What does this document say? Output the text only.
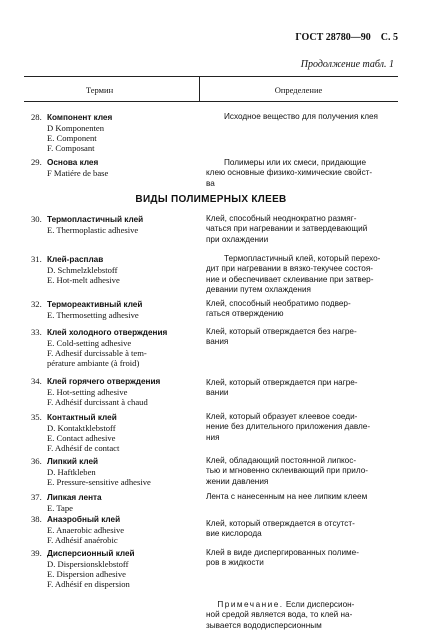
ГОСТ 28780—90 С. 5
Продолжение табл. 1
Термин	Определение
ВИДЫ ПОЛИМЕРНЫХ КЛЕЕВ
28. Компонент клея
D Komponenten
E. Component
F. Composant
Исходное вещество для получения клея
29. Основа клея
F Matiére de base
Полимеры или их смеси, придающие
клею основные физико-химические свойст-
ва
30. Термопластичный клей
E. Thermoplastic adhesive
Клей, способный неоднократно размяг-
чаться при нагревании и затвердевающий
при охлаждении
31. Клей-расплав
D. Schmelzklebstoff
E. Hot-melt adhesive
Термопластичный клей, который перехо-
дит при нагревании в вязко-текучее состоя-
ние и обеспечивает склеивание при затвер-
девании путем охлаждения
32. Термореактивный клей
E. Thermosetting adhesive
Клей, способный необратимо подвер-
гаться отверждению
33. Клей холодного отверждения
E. Cold-setting adhesive
F. Adhesif durcissable à tem-
pérature ambiante (à froid)
Клей, который отверждается без нагре-
вания
34. Клей горячего отверждения
E. Hot-setting adhesive
F. Adhésif durcissant à chaud
Клей, который отверждается при нагре-
вании
35. Контактный клей
D. Kontaktklebstoff
E. Contact adhesive
F. Adhésif de contact
Клей, который образует клеевое соеди-
нение без длительного приложения давле-
ния
36. Липкий клей
D. Haftkleben
E. Pressure-sensitive adhesive
Клей, обладающий постоянной липкос-
тью и мгновенно склеивающий при прило-
жении давления
37. Липкая лента
E. Tape
Лента с нанесенным на нее липким клеем
38. Анаэробный клей
E. Anaerobic adhesive
F. Adhésif anaérobic
Клей, который отверждается в отсутст-
вие кислорода
39. Дисперсионный клей
D. Dispersionsklebstoff
E. Dispersion adhesive
F. Adhésif en dispersion
Клей в виде диспергированных полиме-
ров в жидкости
Примечание. Если дисперсион-
ной средой является вода, то клей на-
зывается вододисперсионным
